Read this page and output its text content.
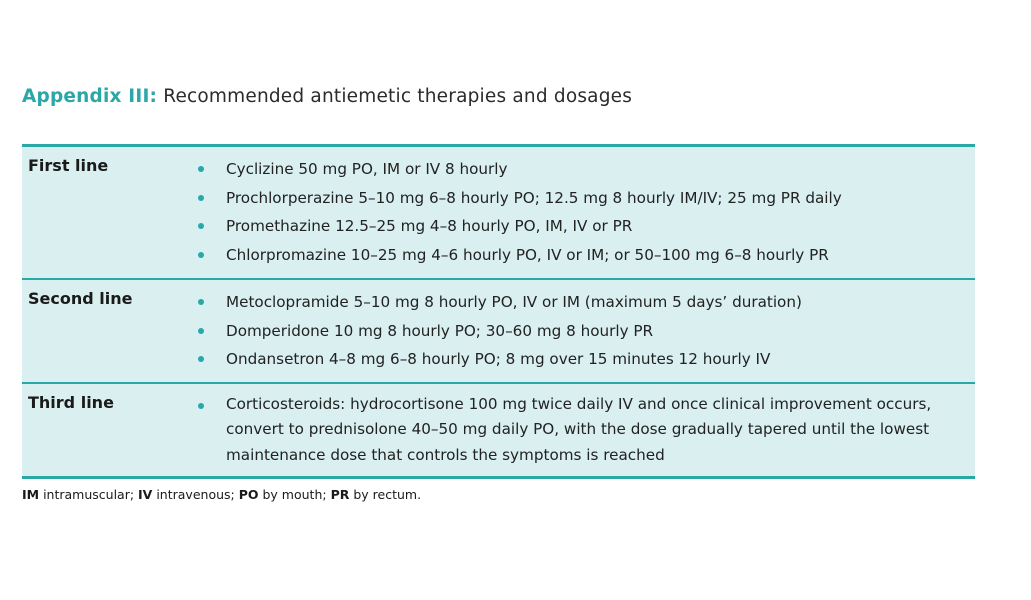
Appendix III: Recommended antiemetic therapies and dosages
First line	Cyclizine 50 mg PO, IM or IV 8 hourly
Prochlorperazine 5–10 mg 6–8 hourly PO; 12.5 mg 8 hourly IM/IV; 25 mg PR daily
Promethazine 12.5–25 mg 4–8 hourly PO, IM, IV or PR
Chlorpromazine 10–25 mg 4–6 hourly PO, IV or IM; or 50–100 mg 6–8 hourly PR
Second line	Metoclopramide 5–10 mg 8 hourly PO, IV or IM (maximum 5 days’ duration)
Domperidone 10 mg 8 hourly PO; 30–60 mg 8 hourly PR
Ondansetron 4–8 mg 6–8 hourly PO; 8 mg over 15 minutes 12 hourly IV
Third line	Corticosteroids: hydrocortisone 100 mg twice daily IV and once clinical improvement occurs, convert to prednisolone 40–50 mg daily PO, with the dose gradually tapered until the lowest maintenance dose that controls the symptoms is reached
IM intramuscular; IV intravenous; PO by mouth; PR by rectum.
